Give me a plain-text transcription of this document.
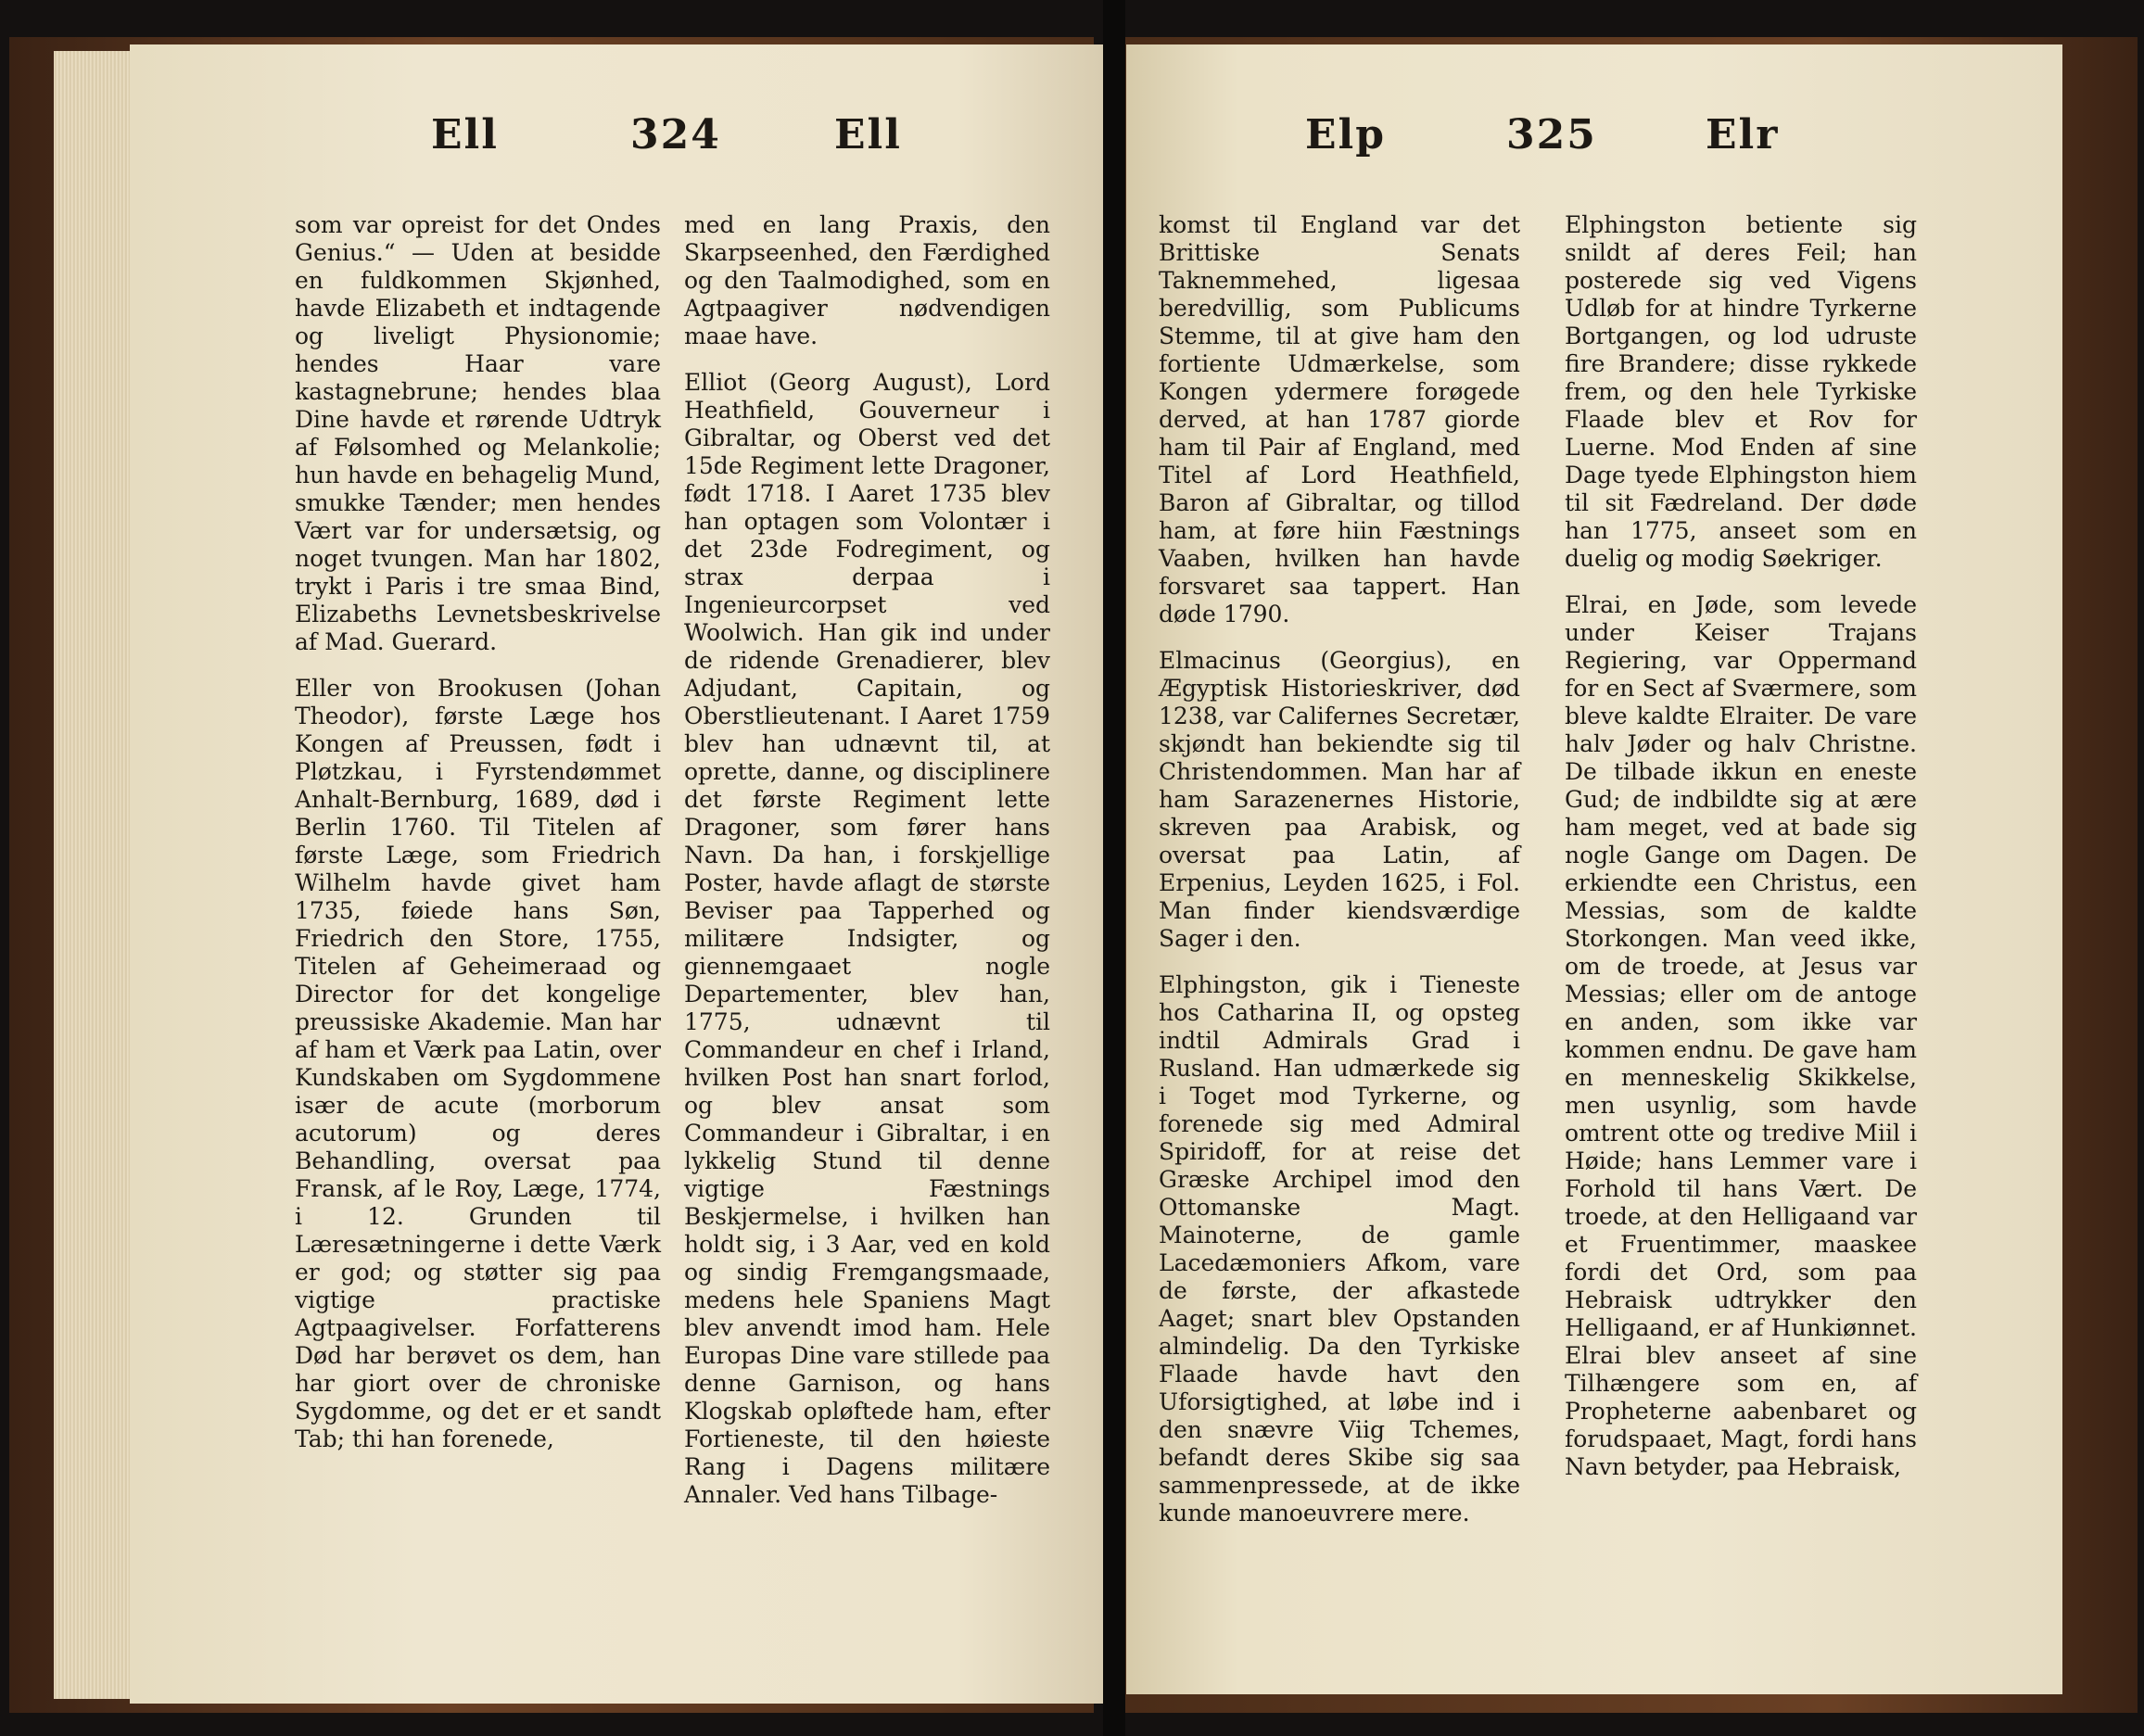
Ell	324	Ell	Elp	325	Elr

som var opreist for det Ondes Genius.“ — Uden at besidde en fuldkommen Skjønhed, havde Elizabeth et indtagende og liveligt Physionomie; hendes Haar vare kastagnebrune; hendes blaa Dine havde et rørende Udtryk af Følsomhed og Melankolie; hun havde en behagelig Mund, smukke Tænder; men hendes Vært var for undersætsig, og noget tvungen. Man har 1802, trykt i Paris i tre smaa Bind, Elizabeths Levnetsbeskrivelse af Mad. Guerard.

Eller von Brookusen (Johan Theodor), første Læge hos Kongen af Preussen, født i Pløtzkau, i Fyrstendømmet Anhalt-Bernburg, 1689, død i Berlin 1760. Til Titelen af første Læge, som Friedrich Wilhelm havde givet ham 1735, føiede hans Søn, Friedrich den Store, 1755, Titelen af Geheimeraad og Director for det kongelige preussiske Akademie. Man har af ham et Værk paa Latin, over Kundskaben om Sygdommene især de acute (morborum acutorum) og deres Behandling, oversat paa Fransk, af le Roy, Læge, 1774, i 12. Grunden til Læresætningerne i dette Værk er god; og støtter sig paa vigtige practiske Agtpaagivelser. Forfatterens Død har berøvet os dem, han har giort over de chroniske Sygdomme, og det er et sandt Tab; thi han forenede,

med en lang Praxis, den Skarpseenhed, den Færdighed og den Taalmodighed, som en Agtpaagiver nødvendigen maae have.

Elliot (Georg August), Lord Heathfield, Gouverneur i Gibraltar, og Oberst ved det 15de Regiment lette Dragoner, født 1718. I Aaret 1735 blev han optagen som Volontær i det 23de Fodregiment, og strax derpaa i Ingenieurcorpset ved Woolwich. Han gik ind under de ridende Grenadierer, blev Adjudant, Capitain, og Oberstlieutenant. I Aaret 1759 blev han udnævnt til, at oprette, danne, og disciplinere det første Regiment lette Dragoner, som fører hans Navn. Da han, i forskjellige Poster, havde aflagt de største Beviser paa Tapperhed og militære Indsigter, og giennemgaaet nogle Departementer, blev han, 1775, udnævnt til Commandeur en chef i Irland, hvilken Post han snart forlod, og blev ansat som Commandeur i Gibraltar, i en lykkelig Stund til denne vigtige Fæstnings Beskjermelse, i hvilken han holdt sig, i 3 Aar, ved en kold og sindig Fremgangsmaade, medens hele Spaniens Magt blev anvendt imod ham. Hele Europas Dine vare stillede paa denne Garnison, og hans Klogskab opløftede ham, efter Fortieneste, til den høieste Rang i Dagens militære Annaler. Ved hans Tilbage-

komst til England var det Brittiske Senats Taknemmehed, ligesaa beredvillig, som Publicums Stemme, til at give ham den fortiente Udmærkelse, som Kongen ydermere forøgede derved, at han 1787 giorde ham til Pair af England, med Titel af Lord Heathfield, Baron af Gibraltar, og tillod ham, at føre hiin Fæstnings Vaaben, hvilken han havde forsvaret saa tappert. Han døde 1790.

Elmacinus (Georgius), en Ægyptisk Historieskriver, død 1238, var Califernes Secretær, skjøndt han bekiendte sig til Christendommen. Man har af ham Sarazenernes Historie, skreven paa Arabisk, og oversat paa Latin, af Erpenius, Leyden 1625, i Fol. Man finder kiendsværdige Sager i den.

Elphingston, gik i Tieneste hos Catharina II, og opsteg indtil Admirals Grad i Rusland. Han udmærkede sig i Toget mod Tyrkerne, og forenede sig med Admiral Spiridoff, for at reise det Græske Archipel imod den Ottomanske Magt. Mainoterne, de gamle Lacedæmoniers Afkom, vare de første, der afkastede Aaget; snart blev Opstanden almindelig. Da den Tyrkiske Flaade havde havt den Uforsigtighed, at løbe ind i den snævre Viig Tchemes, befandt deres Skibe sig saa sammenpressede, at de ikke kunde manoeuvrere mere.

Elphingston betiente sig snildt af deres Feil; han posterede sig ved Vigens Udløb for at hindre Tyrkerne Bortgangen, og lod udruste fire Brandere; disse rykkede frem, og den hele Tyrkiske Flaade blev et Rov for Luerne. Mod Enden af sine Dage tyede Elphingston hiem til sit Fædreland. Der døde han 1775, anseet som en duelig og modig Søekriger.

Elrai, en Jøde, som levede under Keiser Trajans Regiering, var Oppermand for en Sect af Sværmere, som bleve kaldte Elraiter. De vare halv Jøder og halv Christne. De tilbade ikkun en eneste Gud; de indbildte sig at ære ham meget, ved at bade sig nogle Gange om Dagen. De erkiendte een Christus, een Messias, som de kaldte Storkongen. Man veed ikke, om de troede, at Jesus var Messias; eller om de antoge en anden, som ikke var kommen endnu. De gave ham en menneskelig Skikkelse, men usynlig, som havde omtrent otte og tredive Miil i Høide; hans Lemmer vare i Forhold til hans Vært. De troede, at den Helligaand var et Fruentimmer, maaskee fordi det Ord, som paa Hebraisk udtrykker den Helligaand, er af Hunkiønnet. Elrai blev anseet af sine Tilhængere som en, af Propheterne aabenbaret og forudspaaet, Magt, fordi hans Navn betyder, paa Hebraisk,
